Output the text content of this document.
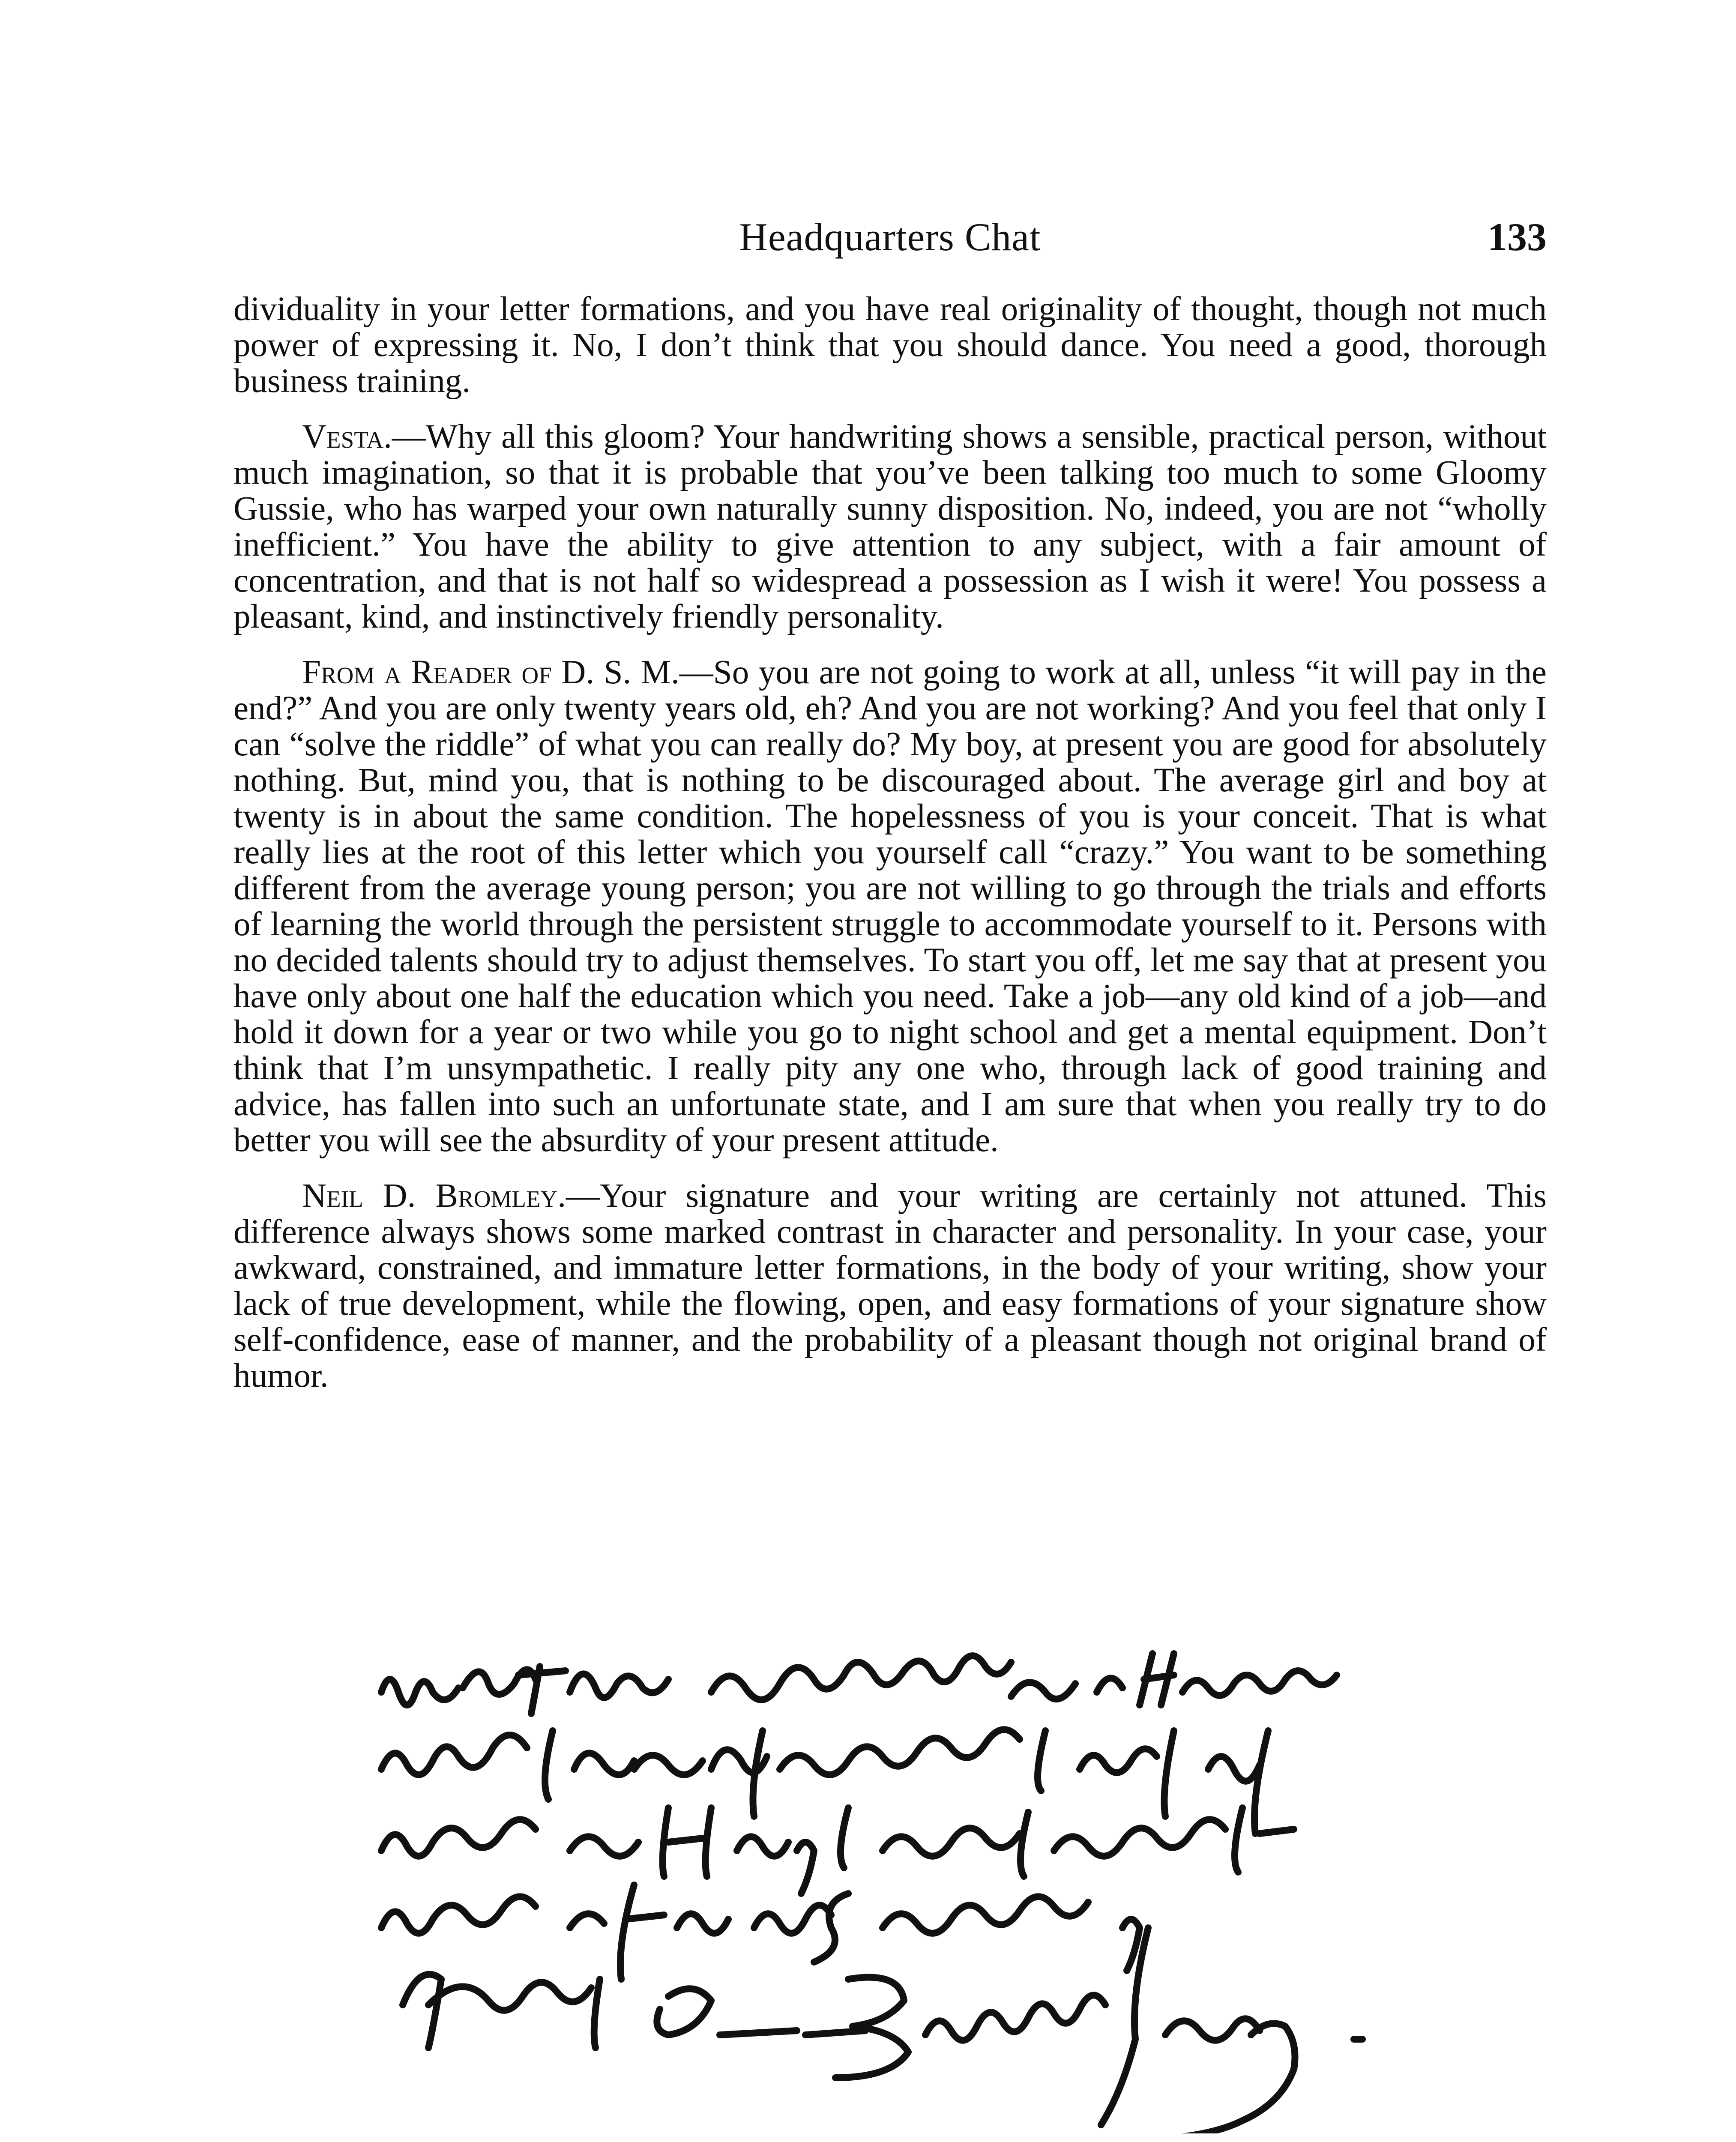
Headquarters Chat	133

dividuality in your letter formations, and you have real originality of thought, though not much power of expressing it. No, I don’t think that you should dance. You need a good, thorough business training.

Vesta.—Why all this gloom? Your handwriting shows a sensible, practical person, without much imagination, so that it is probable that you’ve been talking too much to some Gloomy Gussie, who has warped your own naturally sunny disposition. No, indeed, you are not “wholly inefficient.” You have the ability to give attention to any subject, with a fair amount of concentration, and that is not half so widespread a possession as I wish it were! You possess a pleasant, kind, and instinctively friendly personality.

From a Reader of D. S. M.—So you are not going to work at all, unless “it will pay in the end?” And you are only twenty years old, eh? And you are not working? And you feel that only I can “solve the riddle” of what you can really do? My boy, at present you are good for absolutely nothing. But, mind you, that is nothing to be discouraged about. The average girl and boy at twenty is in about the same condition. The hopelessness of you is your conceit. That is what really lies at the root of this letter which you yourself call “crazy.” You want to be something different from the average young person; you are not willing to go through the trials and efforts of learning the world through the persistent struggle to accommodate yourself to it. Persons with no decided talents should try to adjust themselves. To start you off, let me say that at present you have only about one half the education which you need. Take a job—any old kind of a job—and hold it down for a year or two while you go to night school and get a mental equipment. Don’t think that I’m unsympathetic. I really pity any one who, through lack of good training and advice, has fallen into such an unfortunate state, and I am sure that when you really try to do better you will see the absurdity of your present attitude.

Neil D. Bromley.—Your signature and your writing are certainly not attuned. This difference always shows some marked contrast in character and personality. In your case, your awkward, constrained, and immature letter formations, in the body of your writing, show your lack of true development, while the flowing, open, and easy formations of your signature show self-confidence, ease of manner, and the probability of a pleasant though not original brand of humor.
